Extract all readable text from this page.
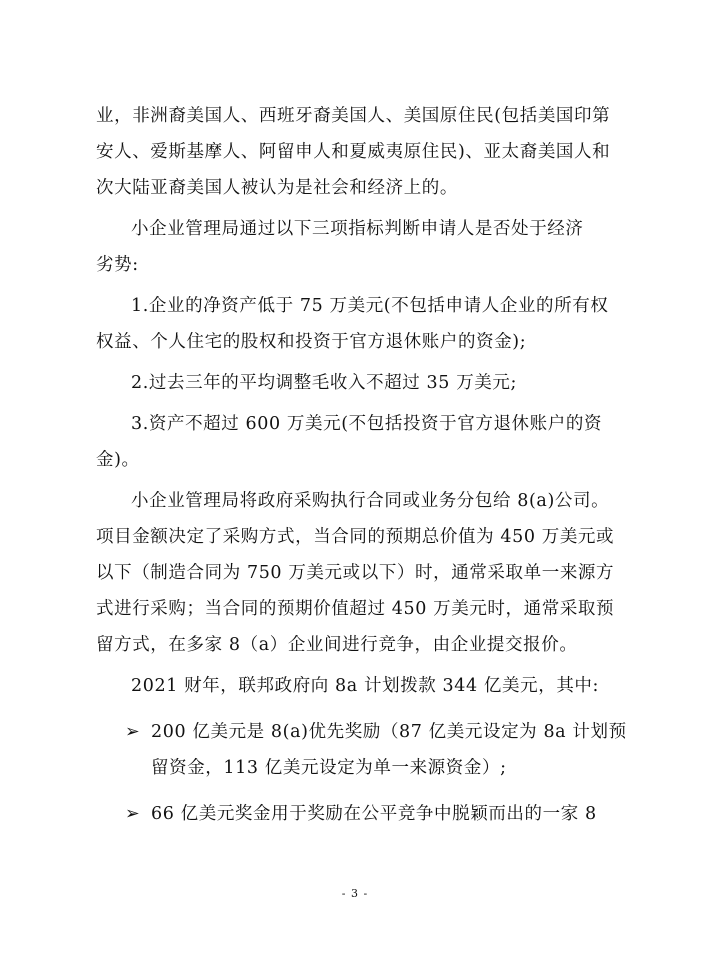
业，非洲裔美国人、西班牙裔美国人、美国原住民(包括美国印第

安人、爱斯基摩人、阿留申人和夏威夷原住民)、亚太裔美国人和

次大陆亚裔美国人被认为是社会和经济上的。

小企业管理局通过以下三项指标判断申请人是否处于经济

劣势:

1.企业的净资产低于 75 万美元(不包括申请人企业的所有权

权益、个人住宅的股权和投资于官方退休账户的资金);

2.过去三年的平均调整毛收入不超过 35 万美元;

3.资产不超过 600 万美元(不包括投资于官方退休账户的资

金)。

小企业管理局将政府采购执行合同或业务分包给 8(a)公司。

项目金额决定了采购方式，当合同的预期总价值为 450 万美元或

以下（制造合同为 750 万美元或以下）时，通常采取单一来源方

式进行采购；当合同的预期价值超过 450 万美元时，通常采取预

留方式，在多家 8（a）企业间进行竞争，由企业提交报价。

2021 财年，联邦政府向 8a 计划拨款 344 亿美元，其中:

➢ 200 亿美元是 8(a)优先奖励（87 亿美元设定为 8a 计划预

留资金，113 亿美元设定为单一来源资金）;

➢ 66 亿美元奖金用于奖励在公平竞争中脱颖而出的一家 8

- 3 -
